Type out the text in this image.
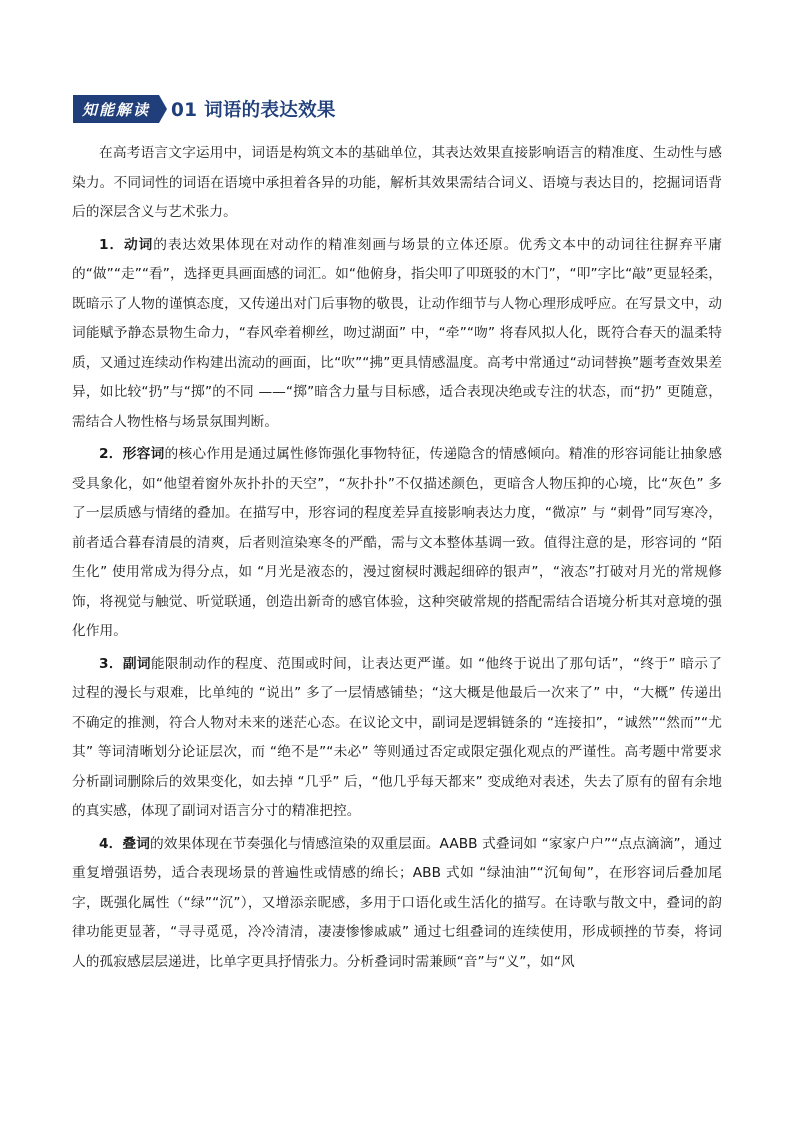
知能解读	01 词语的表达效果

在高考语言文字运用中，词语是构筑文本的基础单位，其表达效果直接影响语言的精准度、生动性与感染力。不同词性的词语在语境中承担着各异的功能，解析其效果需结合词义、语境与表达目的，挖掘词语背后的深层含义与艺术张力。

1．动词的表达效果体现在对动作的精准刻画与场景的立体还原。优秀文本中的动词往往摒弃平庸的“做”“走”“看”，选择更具画面感的词汇。如“他俯身，指尖叩了叩斑驳的木门”，“叩”字比“敲”更显轻柔，既暗示了人物的谨慎态度，又传递出对门后事物的敬畏，让动作细节与人物心理形成呼应。在写景文中，动词能赋予静态景物生命力，“春风牵着柳丝，吻过湖面” 中，“牵”“吻” 将春风拟人化，既符合春天的温柔特质，又通过连续动作构建出流动的画面，比“吹”“拂”更具情感温度。高考中常通过“动词替换”题考查效果差异，如比较“扔”与“掷”的不同 ——“掷”暗含力量与目标感，适合表现决绝或专注的状态，而“扔” 更随意，需结合人物性格与场景氛围判断。

2．形容词的核心作用是通过属性修饰强化事物特征，传递隐含的情感倾向。精准的形容词能让抽象感受具象化，如“他望着窗外灰扑扑的天空”，“灰扑扑”不仅描述颜色，更暗含人物压抑的心境，比“灰色” 多了一层质感与情绪的叠加。在描写中，形容词的程度差异直接影响表达力度，“微凉” 与 “刺骨”同写寒冷，前者适合暮春清晨的清爽，后者则渲染寒冬的严酷，需与文本整体基调一致。值得注意的是，形容词的 “陌生化” 使用常成为得分点，如 “月光是液态的，漫过窗棂时溅起细碎的银声”，“液态”打破对月光的常规修饰，将视觉与触觉、听觉联通，创造出新奇的感官体验，这种突破常规的搭配需结合语境分析其对意境的强化作用。

3．副词能限制动作的程度、范围或时间，让表达更严谨。如 “他终于说出了那句话”，“终于” 暗示了过程的漫长与艰难，比单纯的 “说出” 多了一层情感铺垫；“这大概是他最后一次来了” 中，“大概” 传递出不确定的推测，符合人物对未来的迷茫心态。在议论文中，副词是逻辑链条的 “连接扣”，“诚然”“然而”“尤其” 等词清晰划分论证层次，而 “绝不是”“未必” 等则通过否定或限定强化观点的严谨性。高考题中常要求分析副词删除后的效果变化，如去掉 “几乎” 后，“他几乎每天都来” 变成绝对表述，失去了原有的留有余地的真实感，体现了副词对语言分寸的精准把控。

4．叠词的效果体现在节奏强化与情感渲染的双重层面。AABB 式叠词如 “家家户户”“点点滴滴”，通过重复增强语势，适合表现场景的普遍性或情感的绵长；ABB 式如 “绿油油”“沉甸甸”，在形容词后叠加尾字，既强化属性（“绿”“沉”），又增添亲昵感，多用于口语化或生活化的描写。在诗歌与散文中，叠词的韵律功能更显著，“寻寻觅觅，冷冷清清，凄凄惨惨戚戚” 通过七组叠词的连续使用，形成顿挫的节奏，将词人的孤寂感层层递进，比单字更具抒情张力。分析叠词时需兼顾“音”与“义”，如“风
